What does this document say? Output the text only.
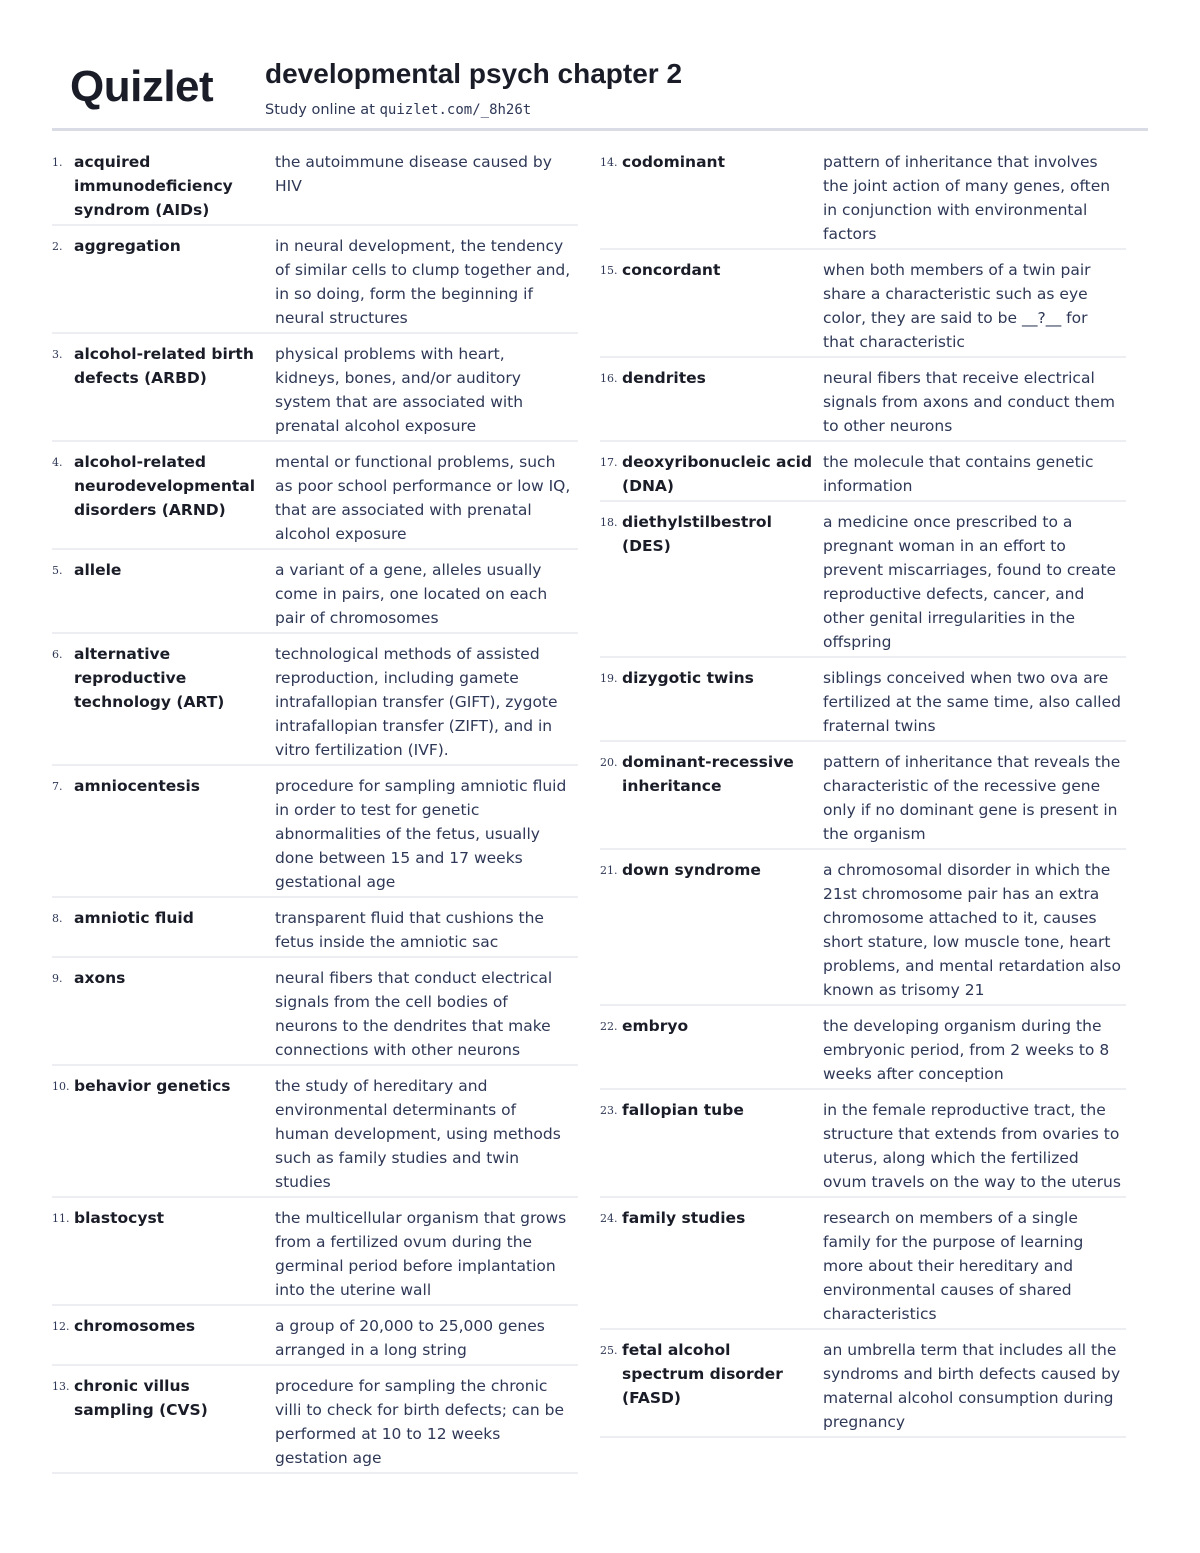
Quizlet developmental psych chapter 2
Study online at quizlet.com/_8h26t
1. acquired immunodeficiency syndrom (AIDs)
the autoimmune disease caused by HIV
2. aggregation	in neural development, the tendency of similar cells to clump together and, in so doing, form the beginning if neural structures
3. alcohol-related birth defects (ARBD)
physical problems with heart, kidneys, bones, and/or auditory system that are associated with prenatal alcohol exposure
4. alcohol-related neurodevelopmental disorders (ARND)
mental or functional problems, such as poor school performance or low IQ, that are associated with prenatal alcohol exposure
5. allele	a variant of a gene, alleles usually come in pairs, one located on each pair of chromosomes
6. alternative reproductive technology (ART)
technological methods of assisted reproduction, including gamete intrafallopian transfer (GIFT), zygote intrafallopian transfer (ZIFT), and in vitro fertilization (IVF).
7. amniocentesis	procedure for sampling amniotic fluid in order to test for genetic abnormalities of the fetus, usually done between 15 and 17 weeks gestational age
8. amniotic fluid	transparent fluid that cushions the fetus inside the amniotic sac
9. axons	neural fibers that conduct electrical signals from the cell bodies of neurons to the dendrites that make connections with other neurons
10. behavior genetics	the study of hereditary and environmental determinants of human development, using methods such as family studies and twin studies
11. blastocyst	the multicellular organism that grows from a fertilized ovum during the germinal period before implantation into the uterine wall
12. chromosomes	a group of 20,000 to 25,000 genes arranged in a long string
13. chronic villus sampling (CVS)
procedure for sampling the chronic villi to check for birth defects; can be performed at 10 to 12 weeks gestation age
14. codominant	pattern of inheritance that involves the joint action of many genes, often in conjunction with environmental factors
15. concordant	when both members of a twin pair share a characteristic such as eye color, they are said to be __?__ for that characteristic
16. dendrites	neural fibers that receive electrical signals from axons and conduct them to other neurons
17. deoxyribonucleic acid (DNA)
the molecule that contains genetic information
18. diethylstilbestrol (DES)
a medicine once prescribed to a pregnant woman in an effort to prevent miscarriages, found to create reproductive defects, cancer, and other genital irregularities in the offspring
19. dizygotic twins	siblings conceived when two ova are fertilized at the same time, also called fraternal twins
20. dominant-recessive inheritance
pattern of inheritance that reveals the characteristic of the recessive gene only if no dominant gene is present in the organism
21. down syndrome	a chromosomal disorder in which the 21st chromosome pair has an extra chromosome attached to it, causes short stature, low muscle tone, heart problems, and mental retardation also known as trisomy 21
22. embryo	the developing organism during the embryonic period, from 2 weeks to 8 weeks after conception
23. fallopian tube	in the female reproductive tract, the structure that extends from ovaries to uterus, along which the fertilized ovum travels on the way to the uterus
24. family studies	research on members of a single family for the purpose of learning more about their hereditary and environmental causes of shared characteristics
25. fetal alcohol spectrum disorder (FASD)
an umbrella term that includes all the syndroms and birth defects caused by maternal alcohol consumption during pregnancy
